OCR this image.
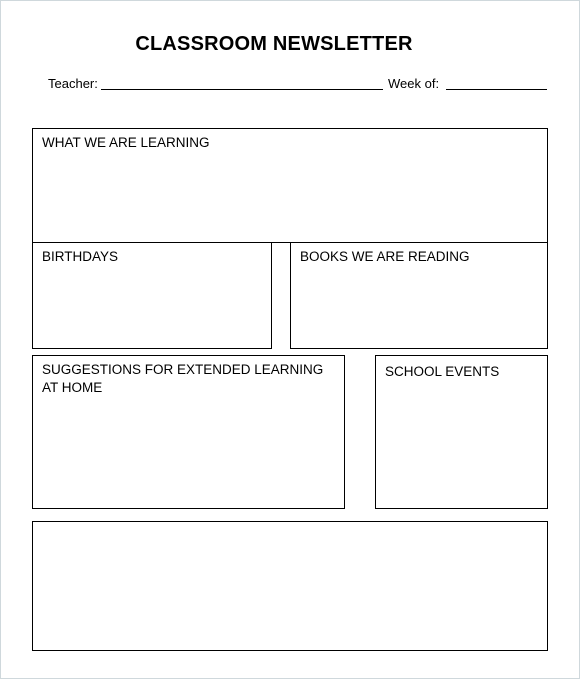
CLASSROOM NEWSLETTER
Teacher:	Week of:

WHAT WE ARE LEARNING

BIRTHDAYS	BOOKS WE ARE READING

SUGGESTIONS FOR EXTENDED LEARNING AT HOME

SCHOOL EVENTS
